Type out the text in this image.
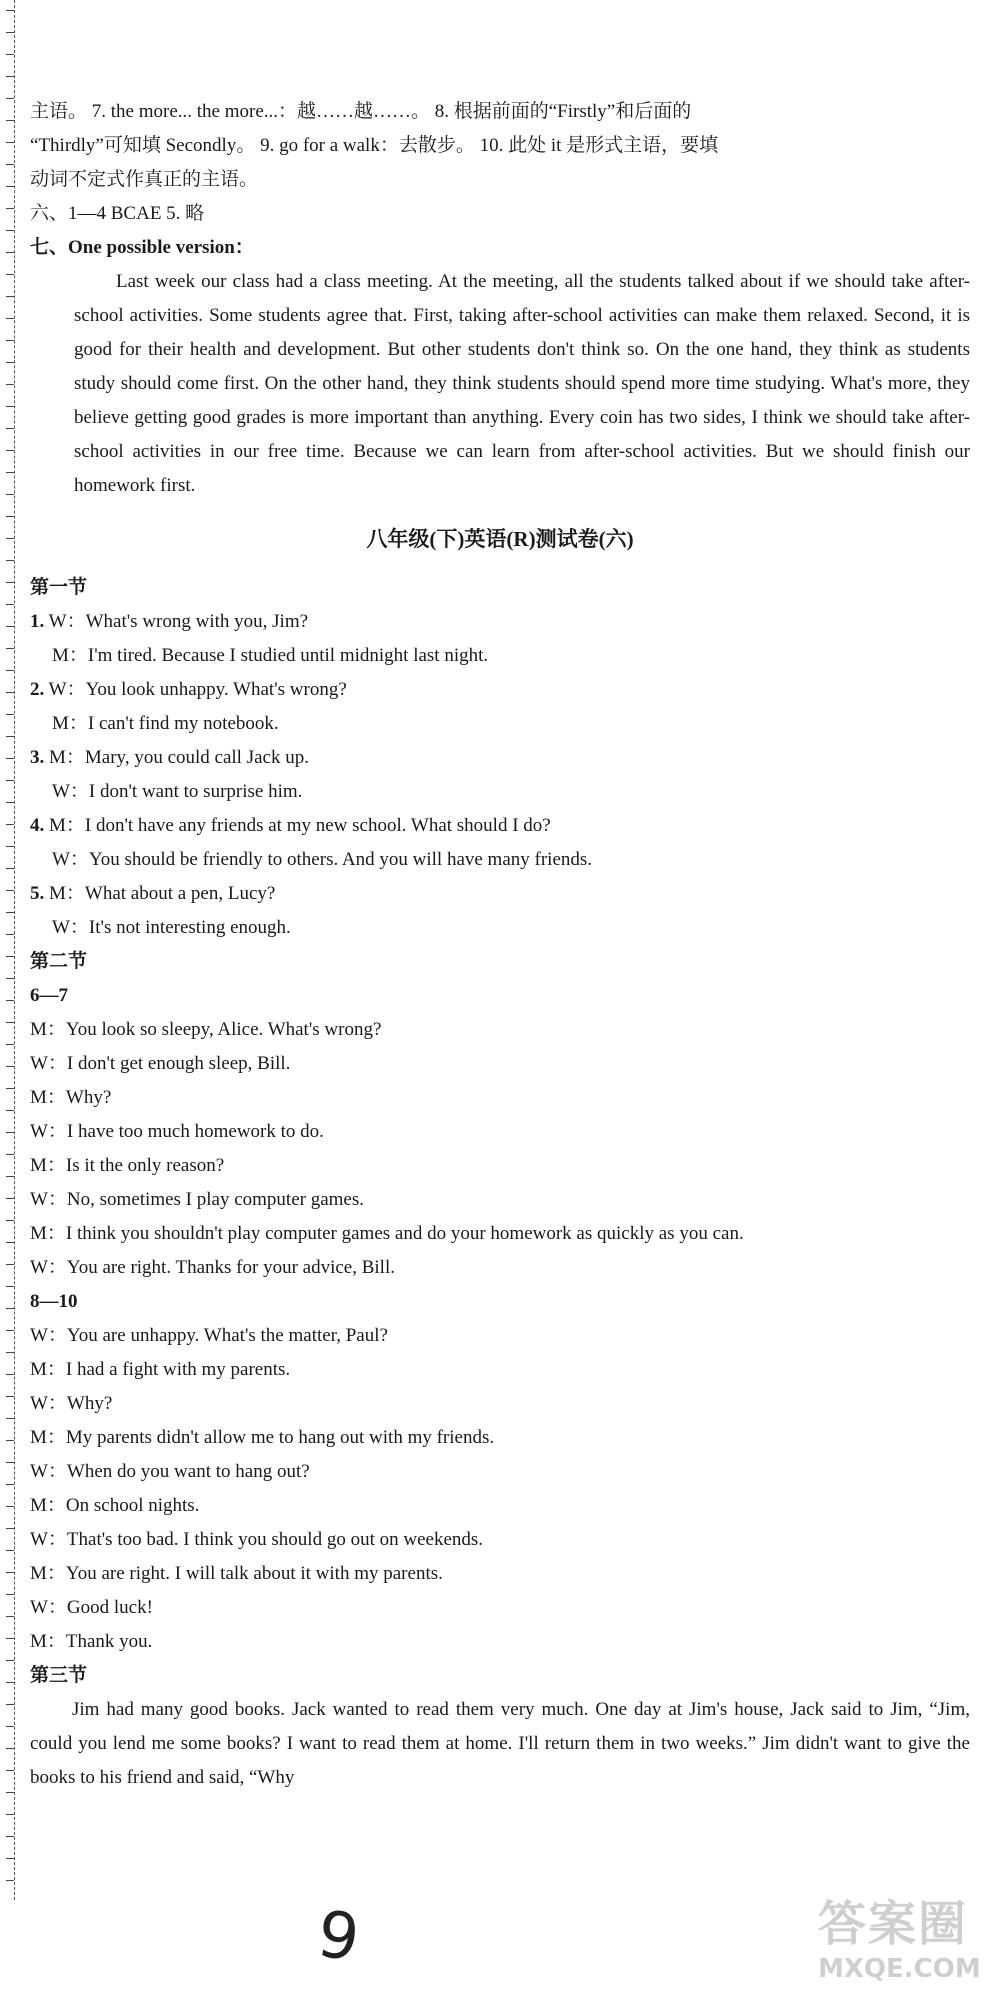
主语。 7. the more... the more...：越……越……。 8. 根据前面的“Firstly”和后面的
“Thirdly”可知填 Secondly。 9. go for a walk：去散步。 10. 此处 it 是形式主语，要填
动词不定式作真正的主语。
六、1—4 BCAE 5. 略
七、One possible version：

Last week our class had a class meeting. At the meeting, all the students talked about if we should take after-school activities. Some students agree that. First, taking after-school activities can make them relaxed. Second, it is good for their health and development. But other students don't think so. On the one hand, they think as students study should come first. On the other hand, they think students should spend more time studying. What's more, they believe getting good grades is more important than anything. Every coin has two sides, I think we should take after-school activities in our free time. Because we can learn from after-school activities. But we should finish our homework first.

八年级(下)英语(R)测试卷(六)
第一节
1. W：What's wrong with you, Jim?
M：I'm tired. Because I studied until midnight last night.
2. W：You look unhappy. What's wrong?
M：I can't find my notebook.
3. M：Mary, you could call Jack up.
W：I don't want to surprise him.
4. M：I don't have any friends at my new school. What should I do?
W：You should be friendly to others. And you will have many friends.
5. M：What about a pen, Lucy?
W：It's not interesting enough.
第二节
6—7
M：You look so sleepy, Alice. What's wrong?
W：I don't get enough sleep, Bill.
M：Why?
W：I have too much homework to do.
M：Is it the only reason?
W：No, sometimes I play computer games.
M：I think you shouldn't play computer games and do your homework as quickly as you can.
W：You are right. Thanks for your advice, Bill.
8—10
W：You are unhappy. What's the matter, Paul?
M：I had a fight with my parents.
W：Why?
M：My parents didn't allow me to hang out with my friends.
W：When do you want to hang out?
M：On school nights.
W：That's too bad. I think you should go out on weekends.
M：You are right. I will talk about it with my parents.
W：Good luck!
M：Thank you.
第三节

Jim had many good books. Jack wanted to read them very much. One day at Jim's house, Jack said to Jim, “Jim, could you lend me some books? I want to read them at home. I'll return them in two weeks.” Jim didn't want to give the books to his friend and said, “Why

9	答案圈
MXQE.COM
